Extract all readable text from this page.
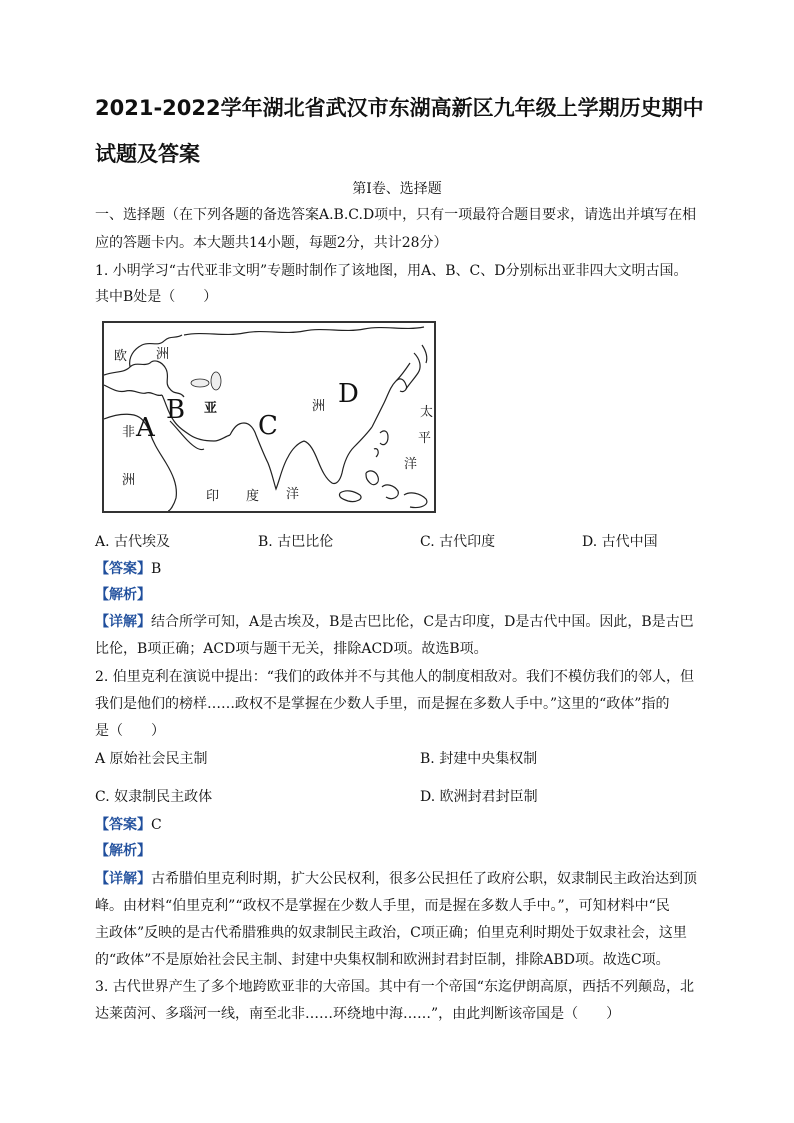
2021-2022学年湖北省武汉市东湖高新区九年级上学期历史期中
试题及答案
第Ⅰ卷、选择题
一、选择题（在下列各题的备选答案A.B.C.D项中，只有一项最符合题目要求，请选出并填写在相
应的答题卡内。本大题共14小题，每题2分，共计28分）
1. 小明学习“古代亚非文明”专题时制作了该地图，用A、B、C、D分别标出亚非四大文明古国。
其中B处是（　　）
欧 洲
亚	洲
非
洲
印 度 洋
太
平
洋
A
B
C
D
A. 古代埃及	B. 古巴比伦	C. 古代印度	D. 古代中国
【答案】B
【解析】
【详解】结合所学可知，A是古埃及，B是古巴比伦，C是古印度，D是古代中国。因此，B是古巴
比伦，B项正确；ACD项与题干无关，排除ACD项。故选B项。
2. 伯里克利在演说中提出：“我们的政体并不与其他人的制度相敌对。我们不模仿我们的邻人，但
我们是他们的榜样……政权不是掌握在少数人手里，而是握在多数人手中。”这里的“政体”指的
是（　　）
A 原始社会民主制	B. 封建中央集权制
C. 奴隶制民主政体	D. 欧洲封君封臣制
【答案】C
【解析】
【详解】古希腊伯里克利时期，扩大公民权利，很多公民担任了政府公职，奴隶制民主政治达到顶
峰。由材料“伯里克利”“政权不是掌握在少数人手里，而是握在多数人手中。”，可知材料中“民
主政体”反映的是古代希腊雅典的奴隶制民主政治，C项正确；伯里克利时期处于奴隶社会，这里
的“政体”不是原始社会民主制、封建中央集权制和欧洲封君封臣制，排除ABD项。故选C项。
3. 古代世界产生了多个地跨欧亚非的大帝国。其中有一个帝国“东迄伊朗高原，西括不列颠岛，北
达莱茵河、多瑙河一线，南至北非……环绕地中海……”，由此判断该帝国是（　　）
